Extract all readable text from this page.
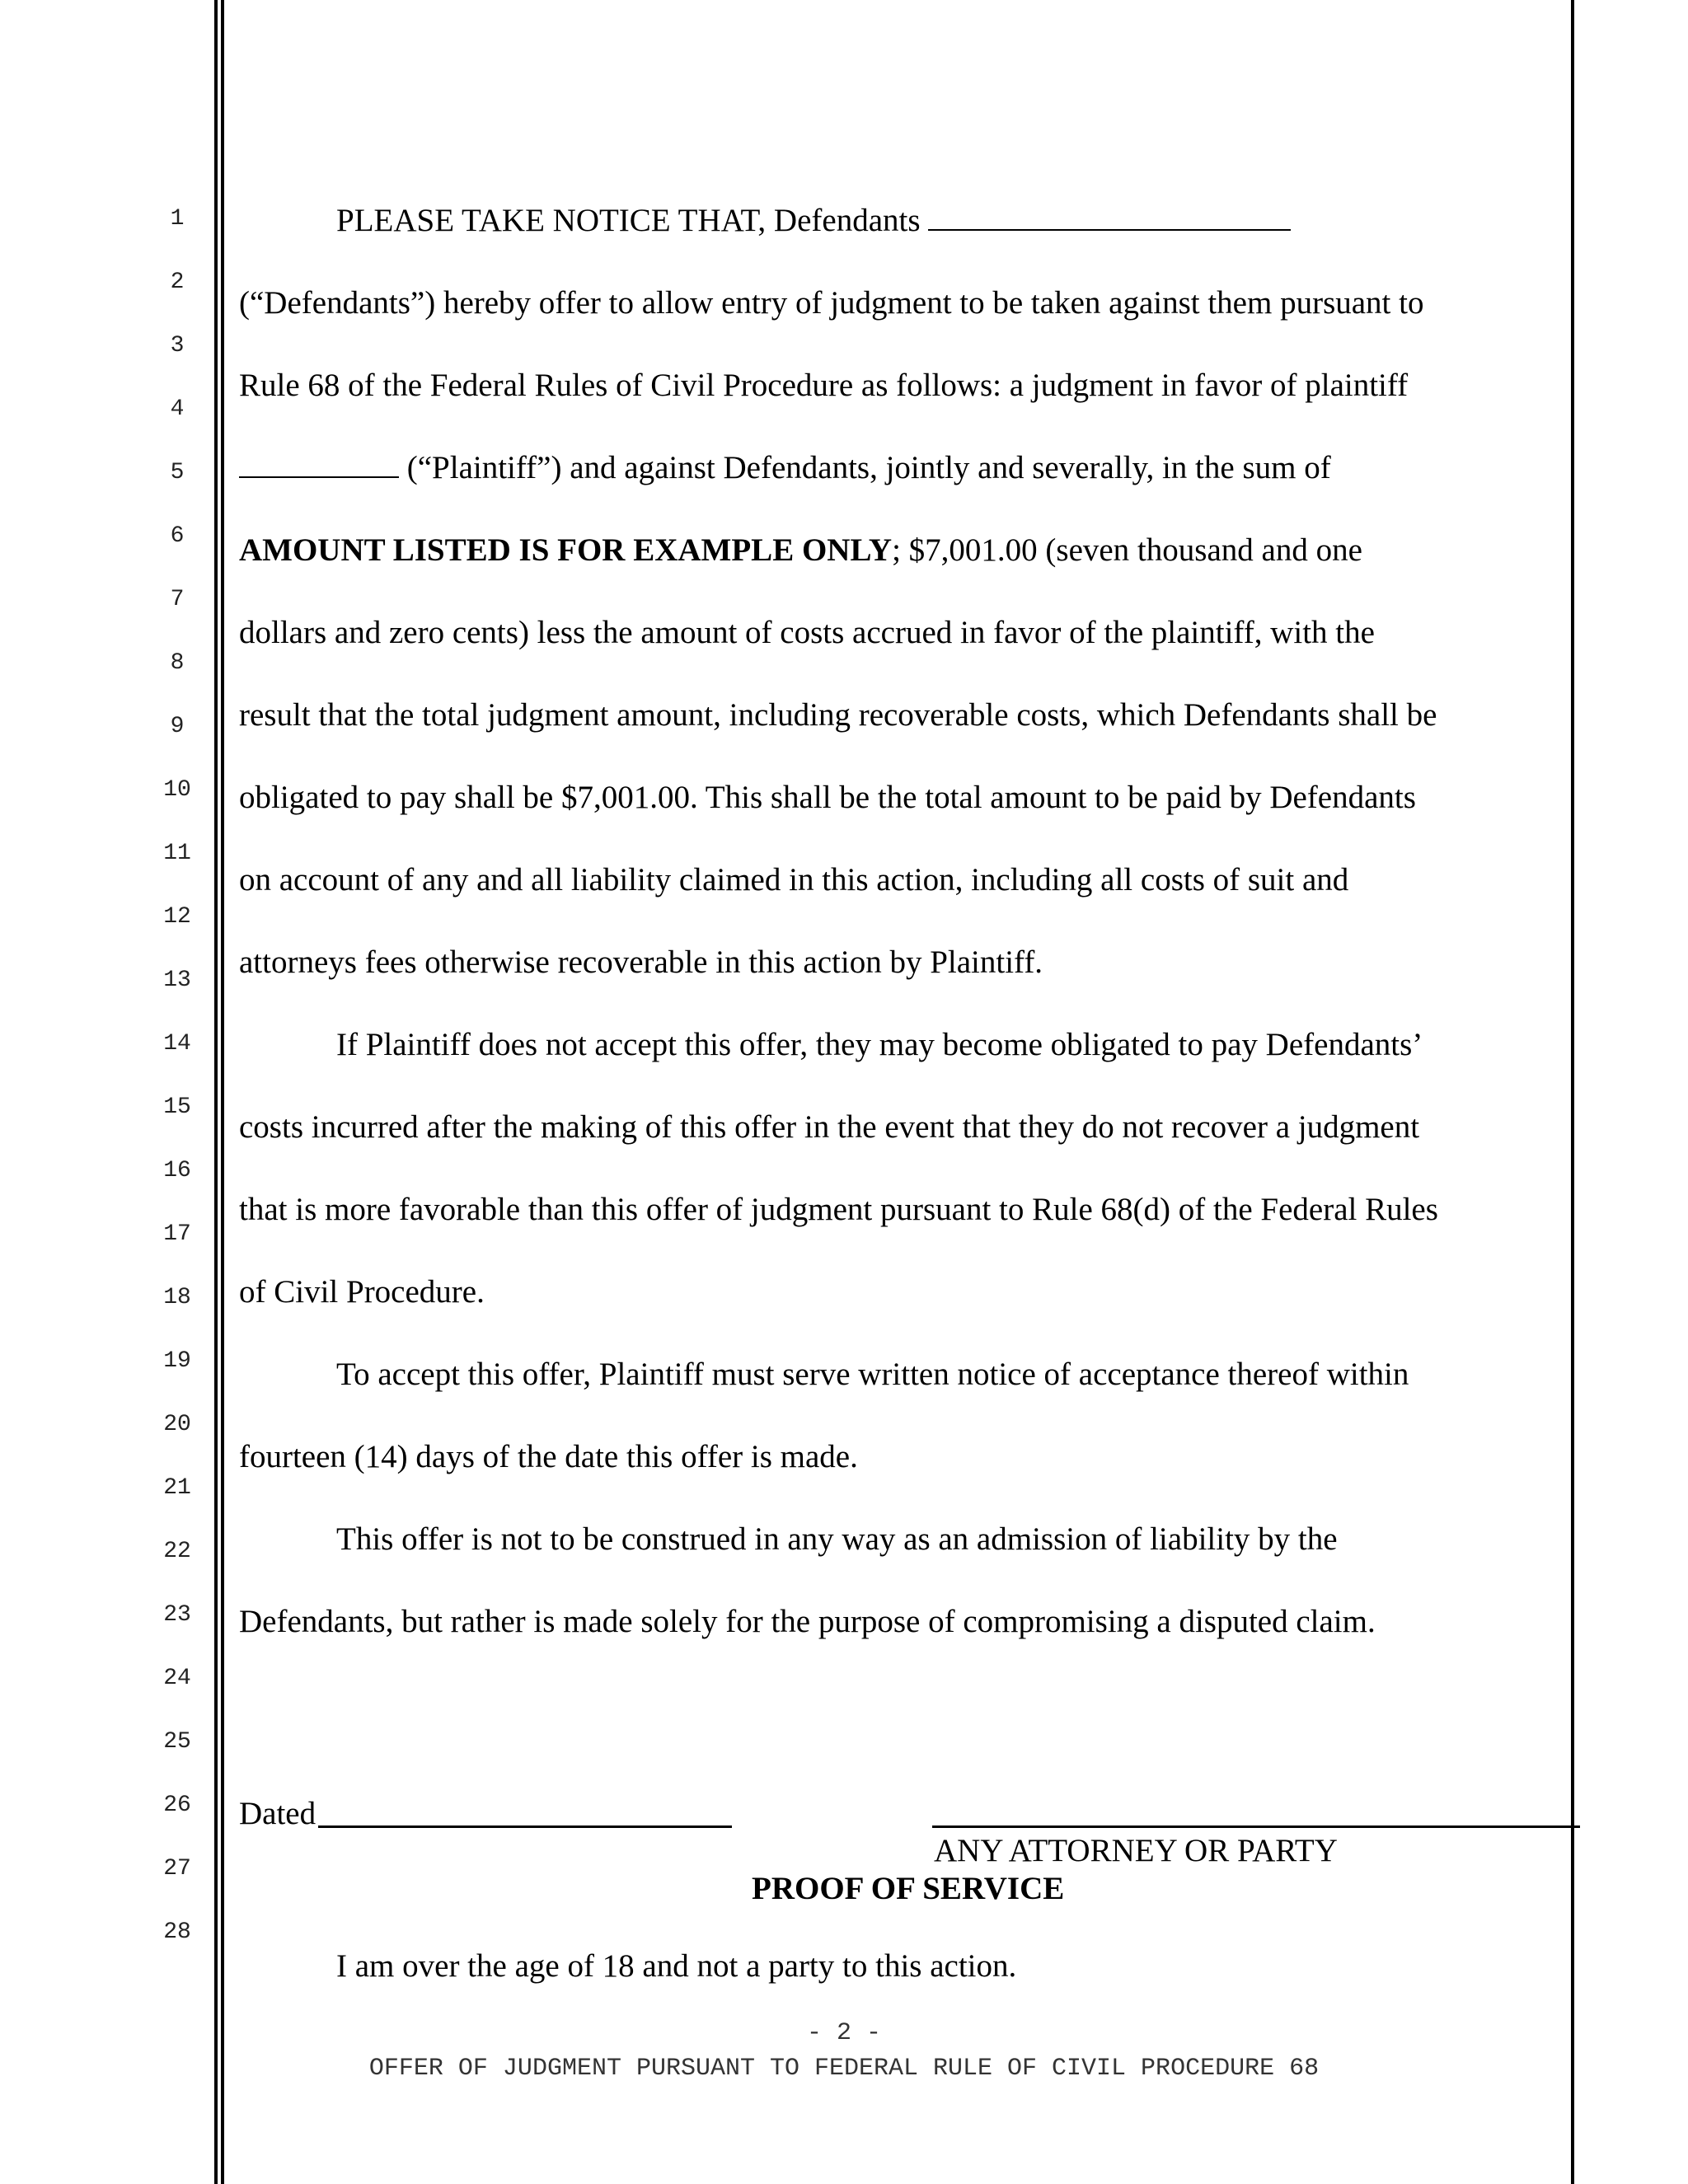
1
2
3
4
5
6
7
8
9
10
11
12
13
14
15
16
17
18
19
20
21
22
23
24
25
26
27
28
PLEASE TAKE NOTICE THAT, Defendants
(“Defendants”) hereby offer to allow entry of judgment to be taken against them pursuant to
Rule 68 of the Federal Rules of Civil Procedure as follows: a judgment in favor of plaintiff
(“Plaintiff”) and against Defendants, jointly and severally, in the sum of
AMOUNT LISTED IS FOR EXAMPLE ONLY; $7,001.00 (seven thousand and one
dollars and zero cents) less the amount of costs accrued in favor of the plaintiff, with the
result that the total judgment amount, including recoverable costs, which Defendants shall be
obligated to pay shall be $7,001.00. This shall be the total amount to be paid by Defendants
on account of any and all liability claimed in this action, including all costs of suit and
attorneys fees otherwise recoverable in this action by Plaintiff.
If Plaintiff does not accept this offer, they may become obligated to pay Defendants’
costs incurred after the making of this offer in the event that they do not recover a judgment
that is more favorable than this offer of judgment pursuant to Rule 68(d) of the Federal Rules
of Civil Procedure.
To accept this offer, Plaintiff must serve written notice of acceptance thereof within
fourteen (14) days of the date this offer is made.
This offer is not to be construed in any way as an admission of liability by the
Defendants, but rather is made solely for the purpose of compromising a disputed claim.
Dated
ANY ATTORNEY OR PARTY
PROOF OF SERVICE
I am over the age of 18 and not a party to this action.
- 2 -
OFFER OF JUDGMENT PURSUANT TO FEDERAL RULE OF CIVIL PROCEDURE 68
